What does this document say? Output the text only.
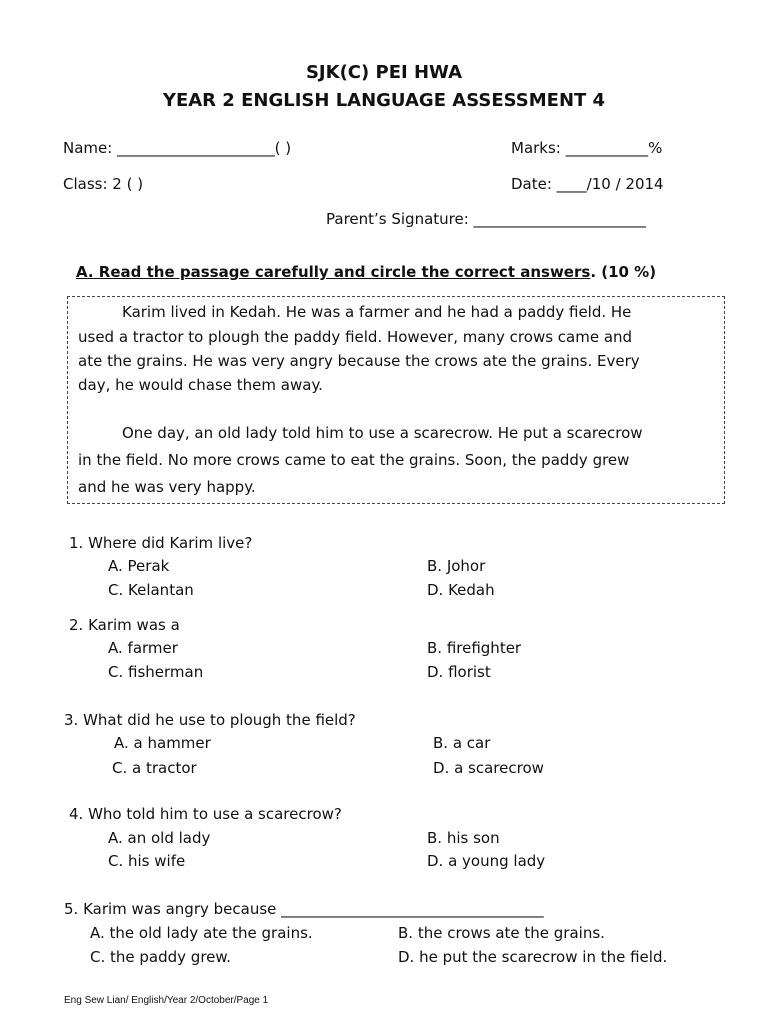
SJK(C) PEI HWA
YEAR 2 ENGLISH LANGUAGE ASSESSMENT 4
Name: _____________________( )	Marks: ___________%
Class: 2 ( )	Date: ____/10 / 2014
Parent’s Signature: _______________________
A. Read the passage carefully and circle the correct answers. (10 %)
Karim lived in Kedah. He was a farmer and he had a paddy field. He
used a tractor to plough the paddy field. However, many crows came and
ate the grains. He was very angry because the crows ate the grains. Every
day, he would chase them away.
One day, an old lady told him to use a scarecrow. He put a scarecrow
in the field. No more crows came to eat the grains. Soon, the paddy grew
and he was very happy.
1. Where did Karim live?
A. Perak	B. Johor
C. Kelantan	D. Kedah
2. Karim was a
A. farmer	B. firefighter
C. fisherman	D. florist
3. What did he use to plough the field?
A. a hammer	B. a car
C. a tractor	D. a scarecrow
4. Who told him to use a scarecrow?
A. an old lady	B. his son
C. his wife	D. a young lady
5. Karim was angry because ___________________________________
A. the old lady ate the grains.	B. the crows ate the grains.
C. the paddy grew.	D. he put the scarecrow in the field.
Eng Sew Lian/ English/Year 2/October/Page 1
